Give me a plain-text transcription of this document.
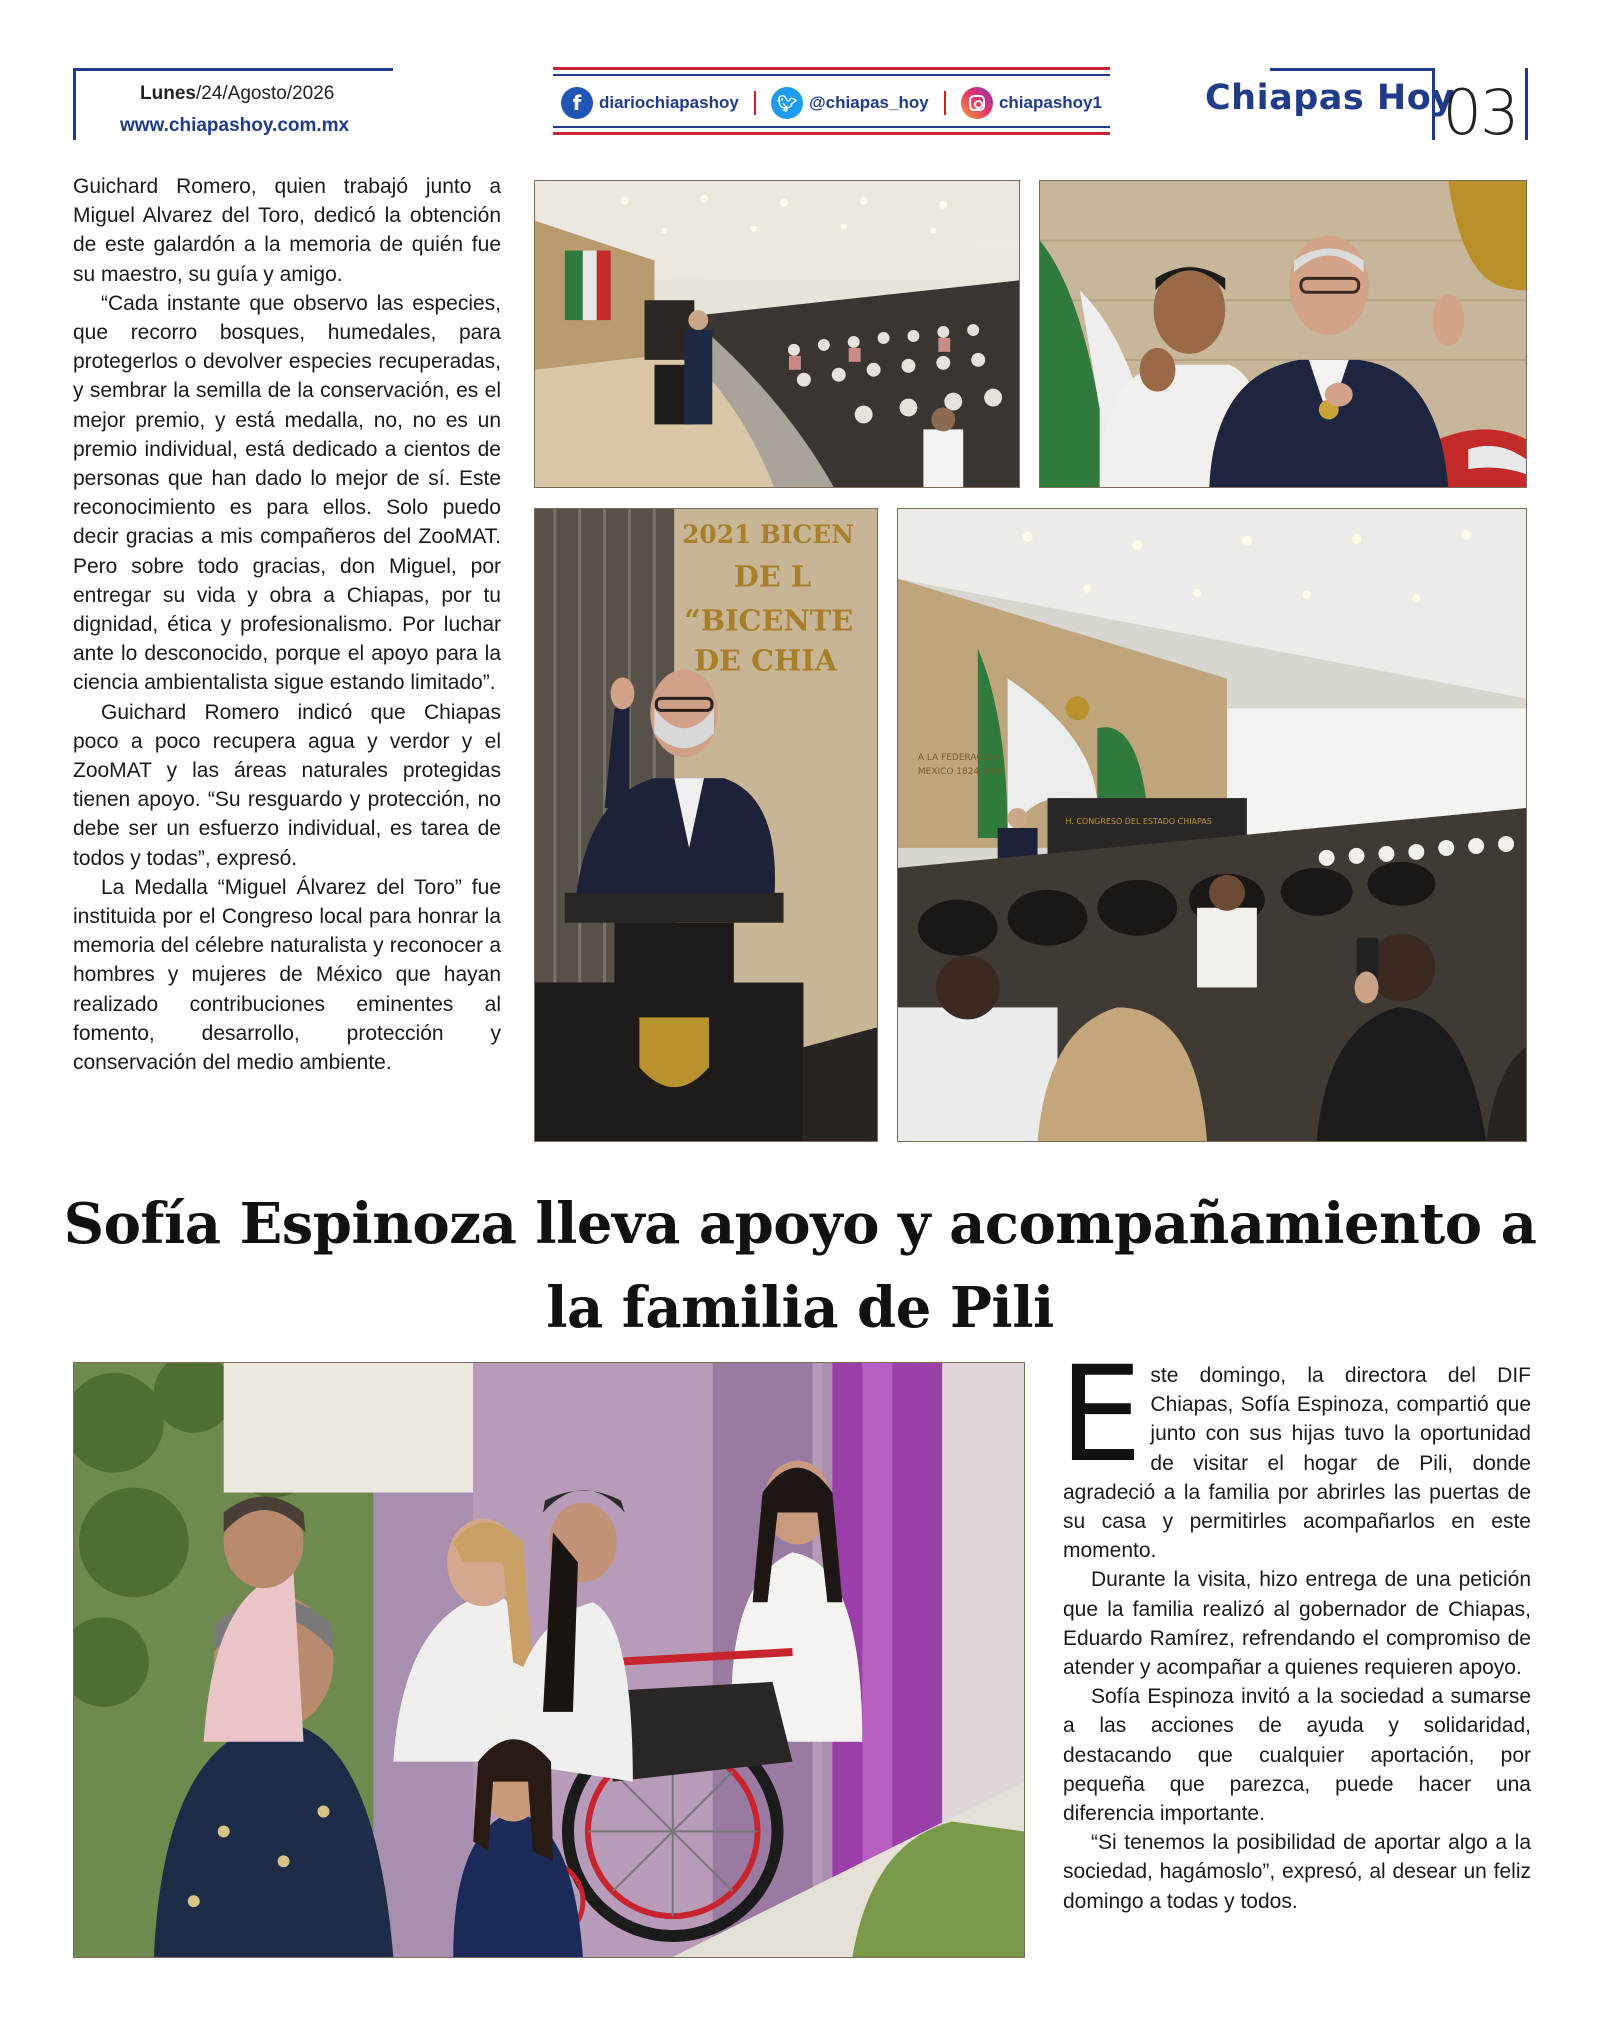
Lunes/24/Agosto/2026
www.chiapashoy.com.mx
f	diariochiapashoy	🐦︎ @chiapas_hoy	chiapashoy1	Chiapas Hoy
03

Guichard Romero, quien trabajó junto a Miguel Alvarez del Toro, dedicó la obtención de este galardón a la memoria de quién fue su maestro, su guía y amigo.

“Cada instante que observo las especies, que recorro bosques, humedales, para protegerlos o devolver especies recuperadas, y sembrar la semilla de la conservación, es el mejor premio, y está medalla, no, no es un premio individual, está dedicado a cientos de personas que han dado lo mejor de sí. Este reconocimiento es para ellos. Solo puedo decir gracias a mis compañeros del ZooMAT. Pero sobre todo gracias, don Miguel, por entregar su vida y obra a Chiapas, por tu dignidad, ética y profesionalismo. Por luchar ante lo desconocido, porque el apoyo para la ciencia ambientalista sigue estando limitado”.

Guichard Romero indicó que Chiapas poco a poco recupera agua y verdor y el ZooMAT y las áreas naturales protegidas tienen apoyo. “Su resguardo y protección, no debe ser un esfuerzo individual, es tarea de todos y todas”, expresó.

La Medalla “Miguel Álvarez del Toro” fue instituida por el Congreso local para honrar la memoria del célebre naturalista y reconocer a hombres y mujeres de México que hayan realizado contribuciones eminentes al fomento, desarrollo, protección y conservación del medio ambiente.

2021 BICEN
DE L
“BICENTE
DE CHIA
A LA FEDERACION
MEXICO 1824-2024
H. CONGRESO DEL ESTADO CHIAPAS
Sofía Espinoza lleva apoyo y acompañamiento a
la familia de Pili

Este domingo, la directora del DIF Chiapas, Sofía Espinoza, compartió que junto con sus hijas tuvo la oportunidad de visitar el hogar de Pili, donde agradeció a la familia por abrirles las puertas de su casa y permitirles acompañarlos en este momento.

Durante la visita, hizo entrega de una petición que la familia realizó al gobernador de Chiapas, Eduardo Ramírez, refrendando el compromiso de atender y acompañar a quienes requieren apoyo.

Sofía Espinoza invitó a la sociedad a sumarse a las acciones de ayuda y solidaridad, destacando que cualquier aportación, por pequeña que parezca, puede hacer una diferencia importante.

“Si tenemos la posibilidad de aportar algo a la sociedad, hagámoslo”, expresó, al desear un feliz domingo a todas y todos.
